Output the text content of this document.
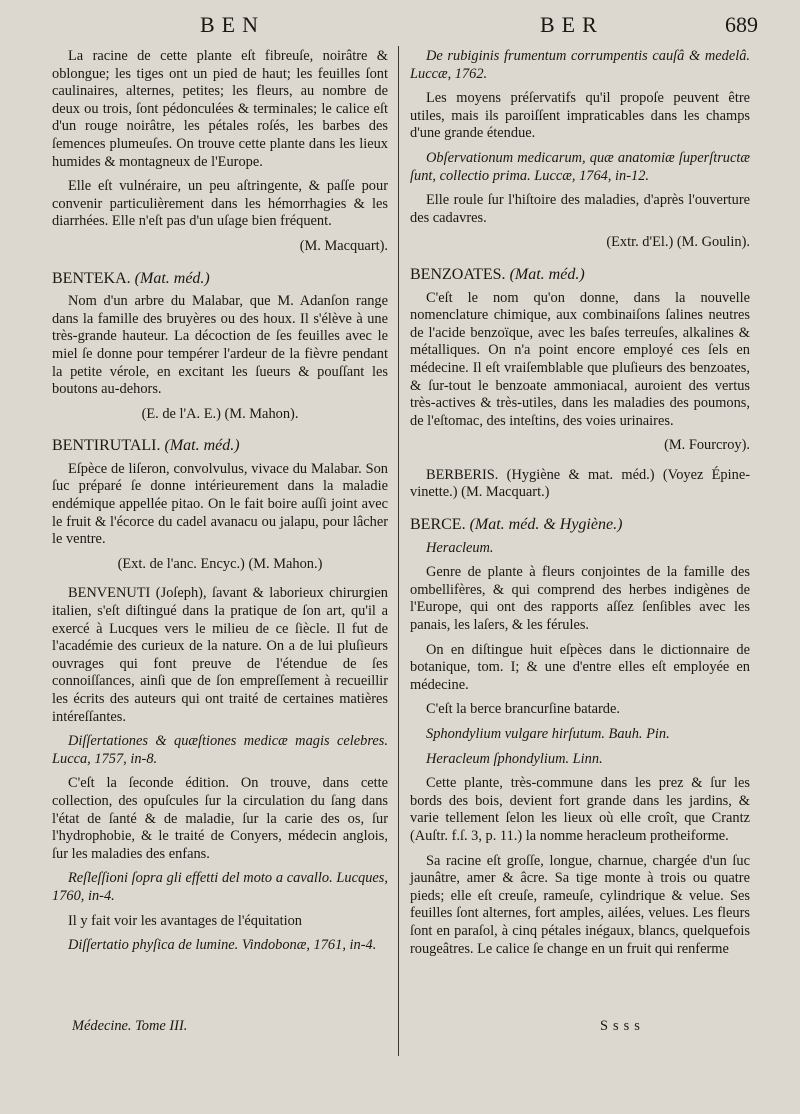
BEN	BER	689

La racine de cette plante eſt fibreuſe, noirâtre & oblongue; les tiges ont un pied de haut; les feuilles ſont caulinaires, alternes, petites; les fleurs, au nombre de deux ou trois, ſont pédonculées & terminales; le calice eſt d'un rouge noirâtre, les pétales roſés, les barbes des ſemences plumeuſes. On trouve cette plante dans les lieux humides & montagneux de l'Europe.

Elle eſt vulnéraire, un peu aſtringente, & paſſe pour convenir particulièrement dans les hémorrhagies & les diarrhées. Elle n'eſt pas d'un uſage bien fréquent.

(M. Macquart).
BENTEKA. (Mat. méd.)

Nom d'un arbre du Malabar, que M. Adanſon range dans la famille des bruyères ou des houx. Il s'élève à une très-grande hauteur. La décoction de ſes feuilles avec le miel ſe donne pour tempérer l'ardeur de la fièvre pendant la petite vérole, en excitant les ſueurs & pouſſant les boutons au-dehors.

(E. de l'A. E.) (M. Mahon).
BENTIRUTALI. (Mat. méd.)

Eſpèce de liſeron, convolvulus, vivace du Malabar. Son ſuc préparé ſe donne intérieurement dans la maladie endémique appellée pitao. On le fait boire auſſi joint avec le fruit & l'écorce du cadel avanacu ou jalapu, pour lâcher le ventre.

(Ext. de l'anc. Encyc.) (M. Mahon.)

BENVENUTI (Joſeph), ſavant & laborieux chirurgien italien, s'eſt diſtingué dans la pratique de ſon art, qu'il a exercé à Lucques vers le milieu de ce ſiècle. Il fut de l'académie des curieux de la nature. On a de lui pluſieurs ouvrages qui font preuve de l'étendue de ſes connoiſſances, ainſi que de ſon empreſſement à recueillir les écrits des auteurs qui ont traité de certaines matières intéreſſantes.

Diſſertationes & quæſtiones medicæ magis celebres. Lucca, 1757, in-8.

C'eſt la ſeconde édition. On trouve, dans cette collection, des opuſcules ſur la circulation du ſang dans l'état de ſanté & de maladie, ſur la carie des os, ſur l'hydrophobie, & le traité de Conyers, médecin anglois, ſur les maladies des enfans.

Reſleſſioni ſopra gli effetti del moto a cavallo. Lucques, 1760, in-4.

Il y fait voir les avantages de l'équitation

Diſſertatio phyſica de lumine. Vindobonæ, 1761, in-4.

De rubiginis frumentum corrumpentis cauſâ & medelâ. Luccæ, 1762.

Les moyens préſervatifs qu'il propoſe peuvent être utiles, mais ils paroiſſent impraticables dans les champs d'une grande étendue.

Obſervationum medicarum, quæ anatomiæ ſuperſtructæ ſunt, collectio prima. Luccæ, 1764, in-12.

Elle roule ſur l'hiſtoire des maladies, d'après l'ouverture des cadavres.

(Extr. d'El.) (M. Goulin).
BENZOATES. (Mat. méd.)

C'eſt le nom qu'on donne, dans la nouvelle nomenclature chimique, aux combinaiſons ſalines neutres de l'acide benzoïque, avec les baſes terreuſes, alkalines & métalliques. On n'a point encore employé ces ſels en médecine. Il eſt vraiſemblable que pluſieurs des benzoates, & ſur-tout le benzoate ammoniacal, auroient des vertus très-actives & très-utiles, dans les maladies des poumons, de l'eſtomac, des inteſtins, des voies urinaires.

(M. Fourcroy).

BERBERIS. (Hygiène & mat. méd.) (Voyez Épine-vinette.) (M. Macquart.)

BERCE. (Mat. méd. & Hygiène.)

Heracleum.

Genre de plante à fleurs conjointes de la famille des ombellifères, & qui comprend des herbes indigènes de l'Europe, qui ont des rapports aſſez ſenſibles avec les panais, les laſers, & les férules.

On en diſtingue huit eſpèces dans le dictionnaire de botanique, tom. I; & une d'entre elles eſt employée en médecine.

C'eſt la berce brancurſine batarde.

Sphondylium vulgare hirſutum. Bauh. Pin.

Heracleum ſphondylium. Linn.

Cette plante, très-commune dans les prez & ſur les bords des bois, devient fort grande dans les jardins, & varie tellement ſelon les lieux où elle croît, que Crantz (Auſtr. f.ſ. 3, p. 11.) la nomme heracleum protheiforme.

Sa racine eſt groſſe, longue, charnue, chargée d'un ſuc jaunâtre, amer & âcre. Sa tige monte à trois ou quatre pieds; elle eſt creuſe, rameuſe, cylindrique & velue. Ses feuilles ſont alternes, fort amples, ailées, velues. Les fleurs ſont en paraſol, à cinq pétales inégaux, blancs, quelquefois rougeâtres. Le calice ſe change en un fruit qui renferme

Médecine. Tome III.	Ssss
